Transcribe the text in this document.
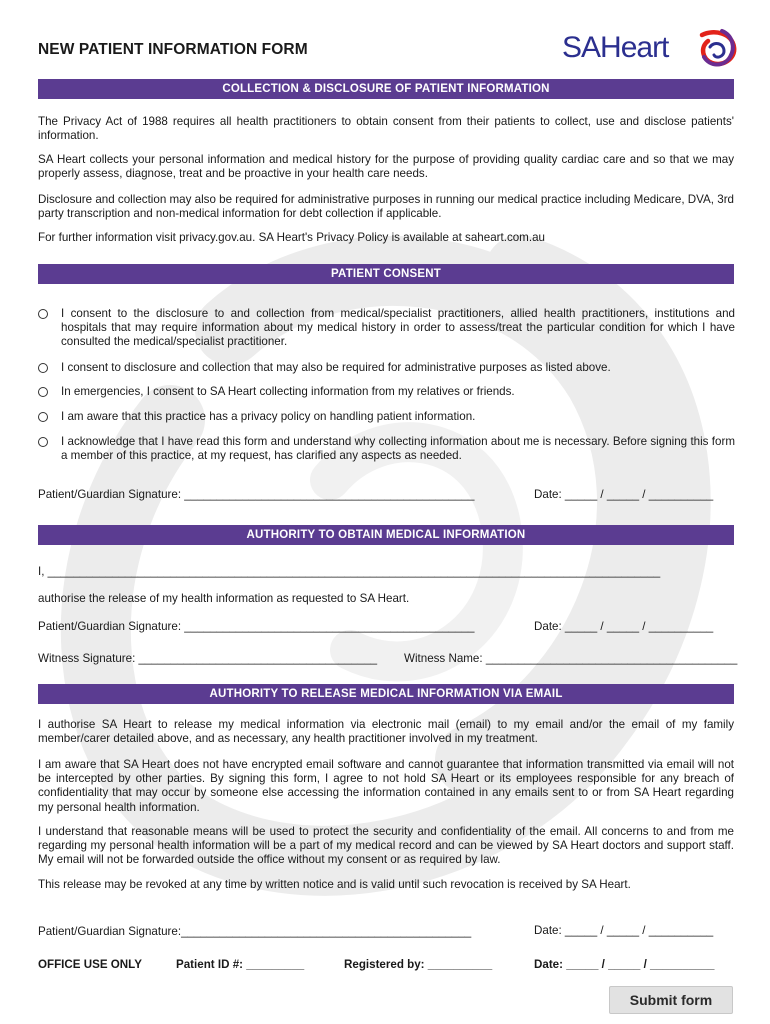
NEW PATIENT INFORMATION FORM	SAHeart
COLLECTION & DISCLOSURE OF PATIENT INFORMATION

The Privacy Act of 1988 requires all health practitioners to obtain consent from their patients to collect, use and disclose patients' information.

SA Heart collects your personal information and medical history for the purpose of providing quality cardiac care and so that we may properly assess, diagnose, treat and be proactive in your health care needs.

Disclosure and collection may also be required for administrative purposes in running our medical practice including Medicare, DVA, 3rd party transcription and non-medical information for debt collection if applicable.

For further information visit privacy.gov.au. SA Heart's Privacy Policy is available at saheart.com.au

PATIENT CONSENT

I consent to the disclosure to and collection from medical/specialist practitioners, allied health practitioners, institutions and hospitals that may require information about my medical history in order to assess/treat the particular condition for which I have consulted the medical/specialist practitioner.

I consent to disclosure and collection that may also be required for administrative purposes as listed above.

In emergencies, I consent to SA Heart collecting information from my relatives or friends.

I am aware that this practice has a privacy policy on handling patient information.

I acknowledge that I have read this form and understand why collecting information about me is necessary. Before signing this form a member of this practice, at my request, has clarified any aspects as needed.

Patient/Guardian Signature: _____________________________________________	Date: _____ / _____ / __________
AUTHORITY TO OBTAIN MEDICAL INFORMATION
I, _______________________________________________________________________________________________
authorise the release of my health information as requested to SA Heart.
Patient/Guardian Signature: _____________________________________________	Date: _____ / _____ / __________
Witness Signature: _____________________________________ Witness Name: _______________________________________
AUTHORITY TO RELEASE MEDICAL INFORMATION VIA EMAIL

I authorise SA Heart to release my medical information via electronic mail (email) to my email and/or the email of my family member/carer detailed above, and as necessary, any health practitioner involved in my treatment.

I am aware that SA Heart does not have encrypted email software and cannot guarantee that information transmitted via email will not be intercepted by other parties. By signing this form, I agree to not hold SA Heart or its employees responsible for any breach of confidentiality that may occur by someone else accessing the information contained in any emails sent to or from SA Heart regarding my personal health information.

I understand that reasonable means will be used to protect the security and confidentiality of the email. All concerns to and from me regarding my personal health information will be a part of my medical record and can be viewed by SA Heart doctors and support staff. My email will not be forwarded outside the office without my consent or as required by law.

This release may be revoked at any time by written notice and is valid until such revocation is received by SA Heart.

Patient/Guardian Signature:_____________________________________________	Date: _____ / _____ / __________
OFFICE USE ONLY	Patient ID #: _________	Registered by: __________	Date: _____ / _____ / __________
Submit form
